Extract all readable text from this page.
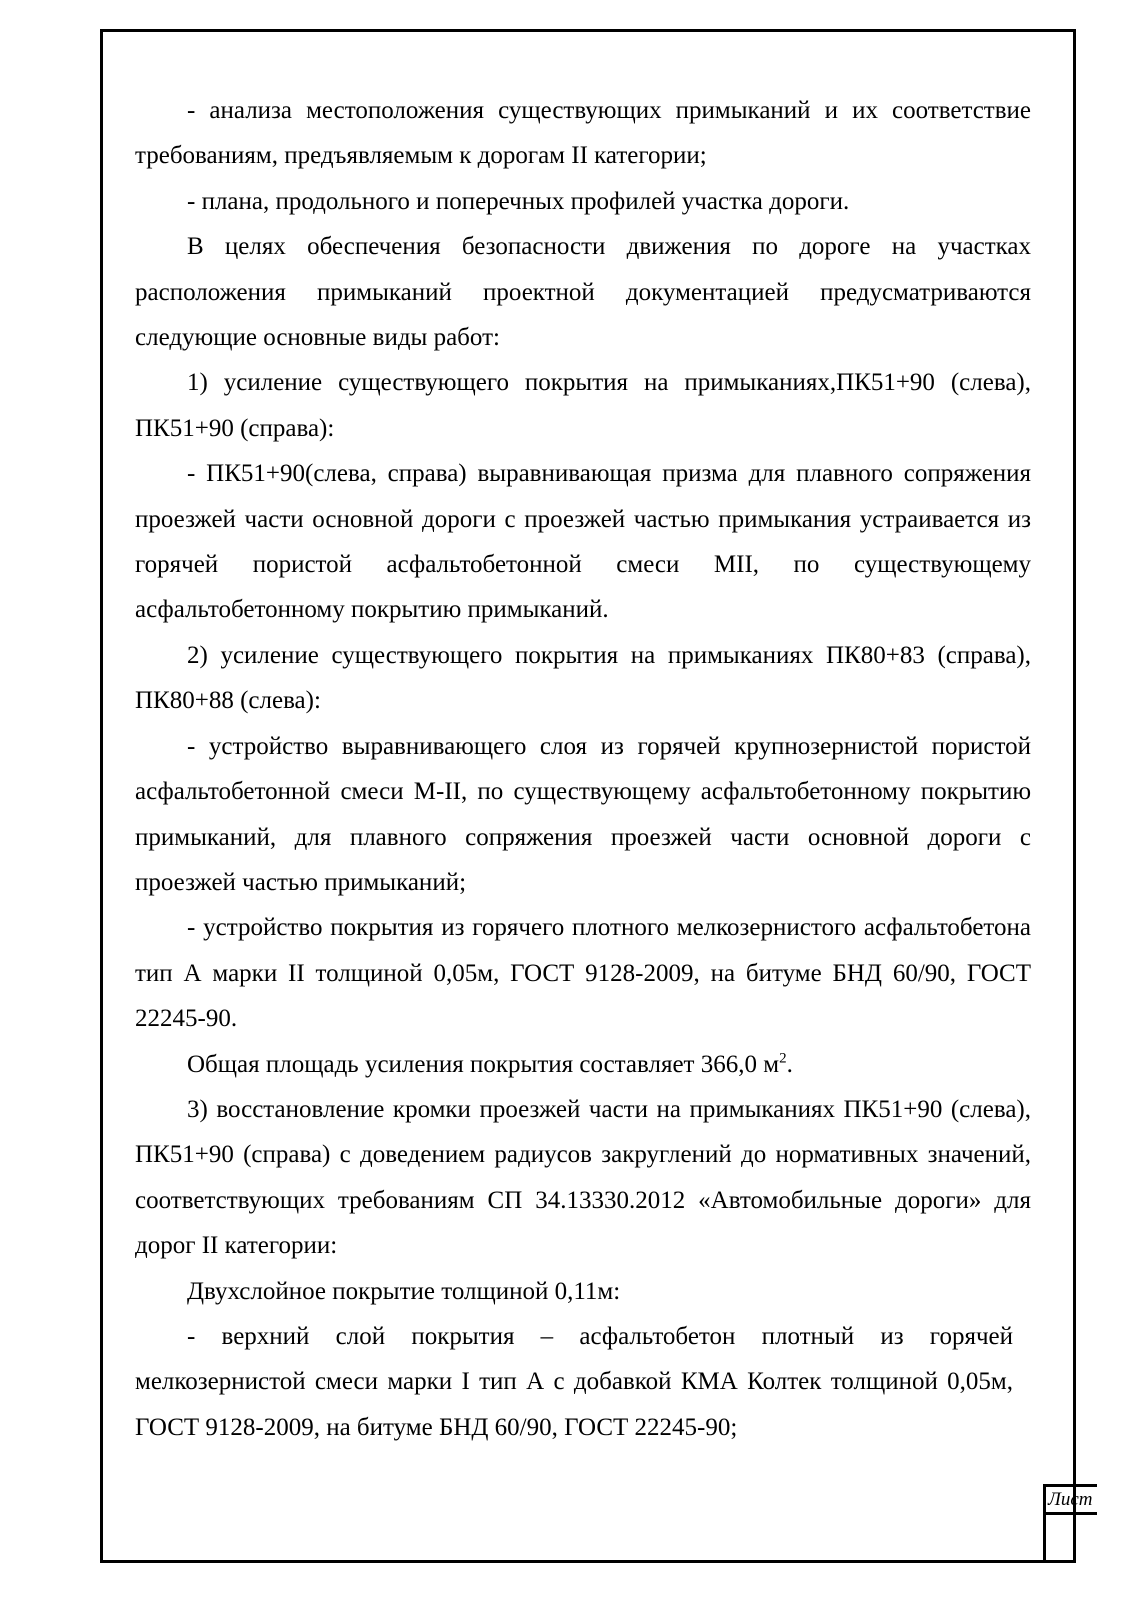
- анализа местоположения существующих примыканий и их соответствие требованиям, предъявляемым к дорогам II категории;

- плана, продольного и поперечных профилей участка дороги.

В целях обеспечения безопасности движения по дороге на участках расположения примыканий проектной документацией предусматриваются следующие основные виды работ:

1) усиление существующего покрытия на примыканиях,ПК51+90 (слева), ПК51+90 (справа):

- ПК51+90(слева, справа) выравнивающая призма для плавного сопряжения проезжей части основной дороги с проезжей частью примыкания устраивается из горячей пористой асфальтобетонной смеси МII, по существующему асфальтобетонному покрытию примыканий.

2) усиление существующего покрытия на примыканиях ПК80+83 (справа), ПК80+88 (слева):

- устройство выравнивающего слоя из горячей крупнозернистой пористой асфальтобетонной смеси М-II, по существующему асфальтобетонному покрытию примыканий, для плавного сопряжения проезжей части основной дороги с проезжей частью примыканий;

- устройство покрытия из горячего плотного мелкозернистого асфальтобетона тип А марки II толщиной 0,05м, ГОСТ 9128-2009, на битуме БНД 60/90, ГОСТ 22245-90.

Общая площадь усиления покрытия составляет 366,0 $м^2$.

3) восстановление кромки проезжей части на примыканиях ПК51+90 (слева), ПК51+90 (справа) с доведением радиусов закруглений до нормативных значений, соответствующих требованиям СП 34.13330.2012 «Автомобильные дороги» для дорог II категории:

Двухслойное покрытие толщиной 0,11м:

- верхний слой покрытия – асфальтобетон плотный из горячей мелкозернистой смеси марки I тип А с добавкой КМА Колтек толщиной 0,05м, ГОСТ 9128-2009, на битуме БНД 60/90, ГОСТ 22245-90;

Лист
